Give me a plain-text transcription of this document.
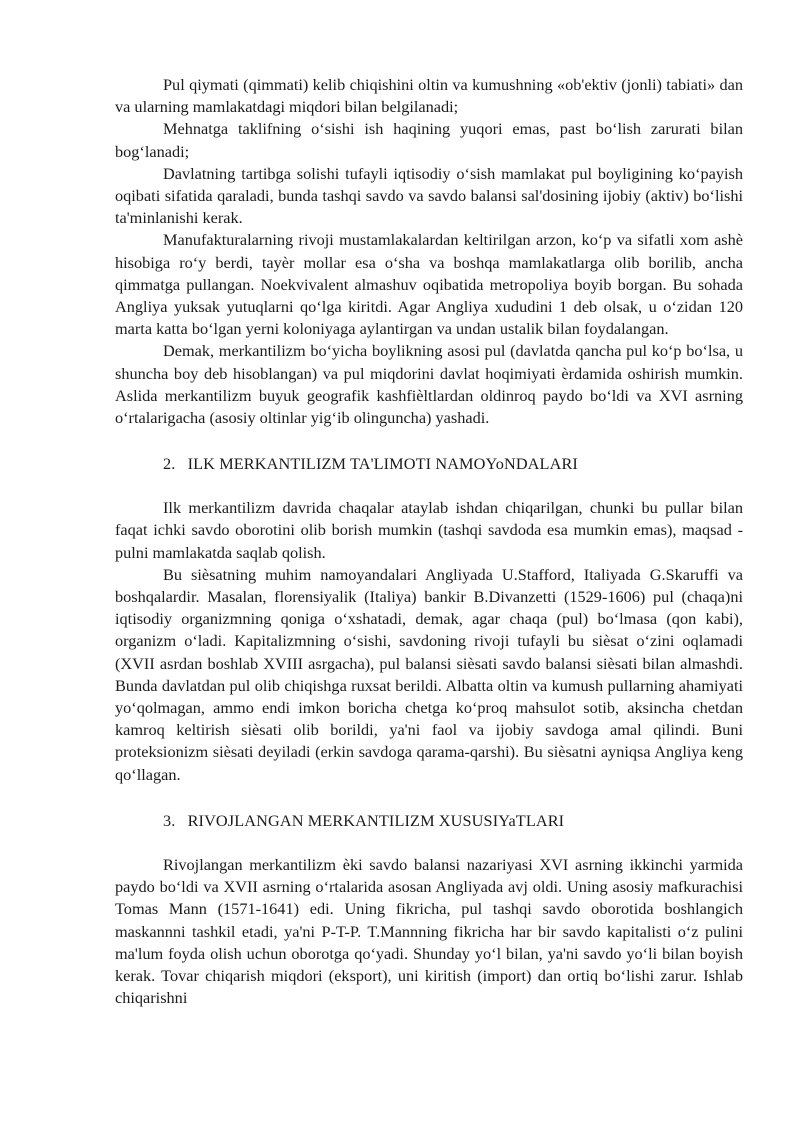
Pul qiymati (qimmati) kelib chiqishini oltin va kumushning «ob'ektiv (jonli) tabiati» dan va ularning mamlakatdagi miqdori bilan belgilanadi;

Mehnatga taklifning o‘sishi ish haqining yuqori emas, past bo‘lish zarurati bilan bog‘lanadi;

Davlatning tartibga solishi tufayli iqtisodiy o‘sish mamlakat pul boyligining ko‘payish oqibati sifatida qaraladi, bunda tashqi savdo va savdo balansi sal'dosining ijobiy (aktiv) bo‘lishi ta'minlanishi kerak.

Manufakturalarning rivoji mustamlakalardan keltirilgan arzon, ko‘p va sifatli xom ashè hisobiga ro‘y berdi, tayèr mollar esa o‘sha va boshqa mamlakatlarga olib borilib, ancha qimmatga pullangan. Noekvivalent almashuv oqibatida metropoliya boyib borgan. Bu sohada Angliya yuksak yutuqlarni qo‘lga kiritdi. Agar Angliya xududini 1 deb olsak, u o‘zidan 120 marta katta bo‘lgan yerni koloniyaga aylantirgan va undan ustalik bilan foydalangan.

Demak, merkantilizm bo‘yicha boylikning asosi pul (davlatda qancha pul ko‘p bo‘lsa, u shuncha boy deb hisoblangan) va pul miqdorini davlat hoqimiyati èrdamida oshirish mumkin. Aslida merkantilizm buyuk geografik kashfièltlardan oldinroq paydo bo‘ldi va XVI asrning o‘rtalarigacha (asosiy oltinlar yig‘ib olinguncha) yashadi.

2. ILK MERKANTILIZM TA'LIMOTI NAMOYoNDALARI

Ilk merkantilizm davrida chaqalar ataylab ishdan chiqarilgan, chunki bu pullar bilan faqat ichki savdo oborotini olib borish mumkin (tashqi savdoda esa mumkin emas), maqsad - pulni mamlakatda saqlab qolish.

Bu sièsatning muhim namoyandalari Angliyada U.Stafford, Italiyada G.Skaruffi va boshqalardir. Masalan, florensiyalik (Italiya) bankir B.Divanzetti (1529-1606) pul (chaqa)ni iqtisodiy organizmning qoniga o‘xshatadi, demak, agar chaqa (pul) bo‘lmasa (qon kabi), organizm o‘ladi. Kapitalizmning o‘sishi, savdoning rivoji tufayli bu sièsat o‘zini oqlamadi (XVII asrdan boshlab XVIII asrgacha), pul balansi sièsati savdo balansi sièsati bilan almashdi. Bunda davlatdan pul olib chiqishga ruxsat berildi. Albatta oltin va kumush pullarning ahamiyati yo‘qolmagan, ammo endi imkon boricha chetga ko‘proq mahsulot sotib, aksincha chetdan kamroq keltirish sièsati olib borildi, ya'ni faol va ijobiy savdoga amal qilindi. Buni proteksionizm sièsati deyiladi (erkin savdoga qarama-qarshi). Bu sièsatni ayniqsa Angliya keng qo‘llagan.

3. RIVOJLANGAN MERKANTILIZM XUSUSIYaTLARI

Rivojlangan merkantilizm èki savdo balansi nazariyasi XVI asrning ikkinchi yarmida paydo bo‘ldi va XVII asrning o‘rtalarida asosan Angliyada avj oldi. Uning asosiy mafkurachisi Tomas Mann (1571-1641) edi. Uning fikricha, pul tashqi savdo oborotida boshlangich maskannni tashkil etadi, ya'ni P-T-P. T.Mannning fikricha har bir savdo kapitalisti o‘z pulini ma'lum foyda olish uchun oborotga qo‘yadi. Shunday yo‘l bilan, ya'ni savdo yo‘li bilan boyish kerak. Tovar chiqarish miqdori (eksport), uni kiritish (import) dan ortiq bo‘lishi zarur. Ishlab chiqarishni
